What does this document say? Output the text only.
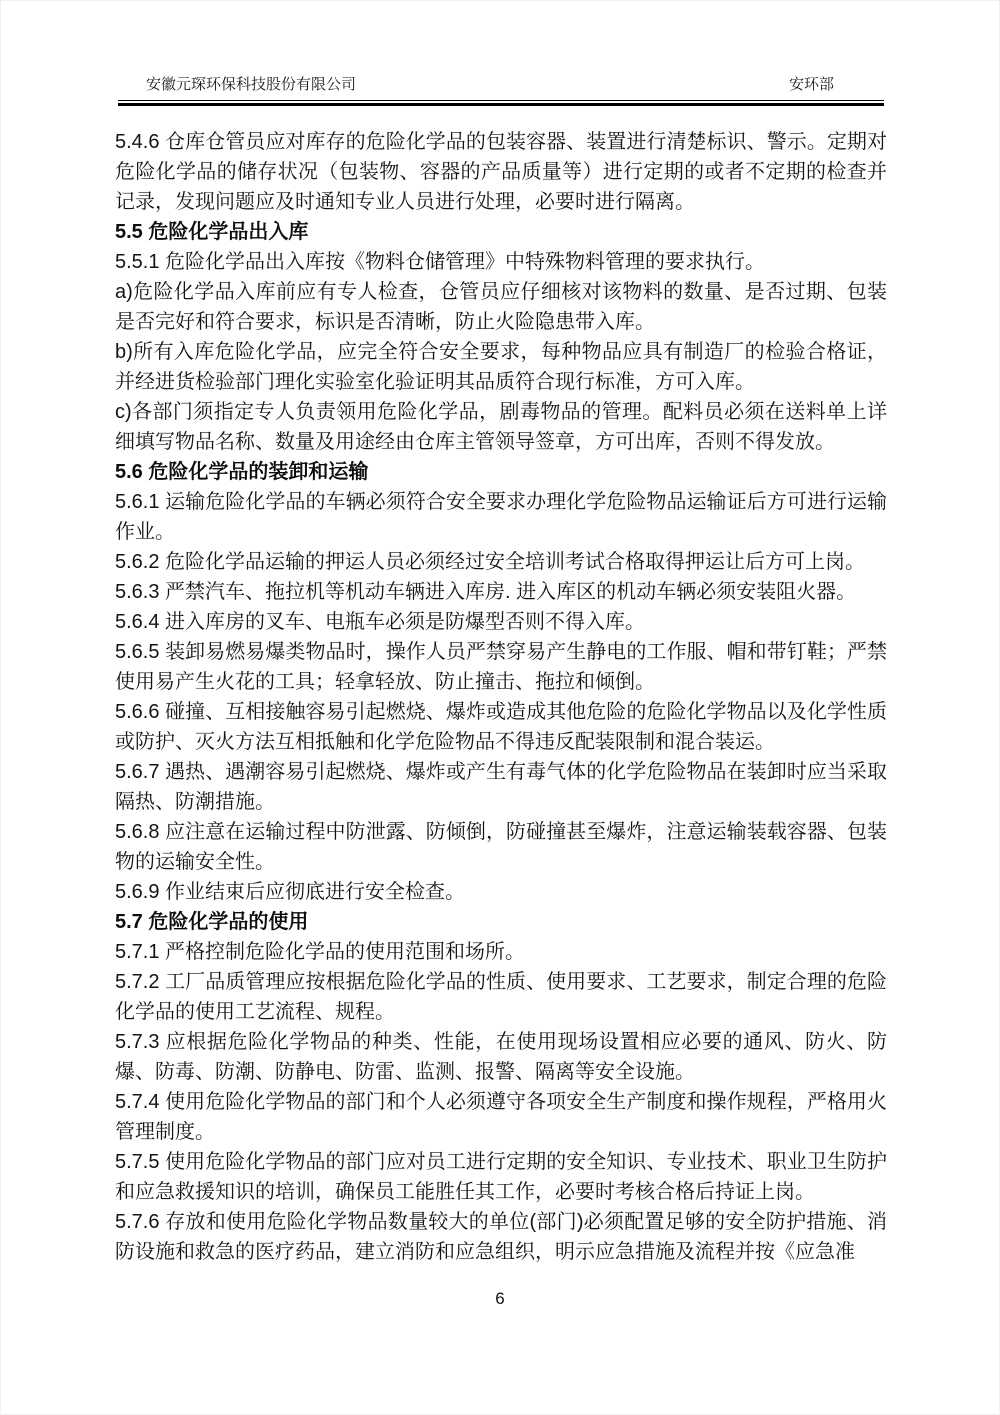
安徽元琛环保科技股份有限公司	安环部

5.4.6 仓库仓管员应对库存的危险化学品的包装容器、装置进行清楚标识、警示。定期对危险化学品的储存状况（包装物、容器的产品质量等）进行定期的或者不定期的检查并记录，发现问题应及时通知专业人员进行处理，必要时进行隔离。

5.5 危险化学品出入库

5.5.1 危险化学品出入库按《物料仓储管理》中特殊物料管理的要求执行。

a)危险化学品入库前应有专人检查，仓管员应仔细核对该物料的数量、是否过期、包装是否完好和符合要求，标识是否清晰，防止火险隐患带入库。

b)所有入库危险化学品，应完全符合安全要求，每种物品应具有制造厂的检验合格证，并经进货检验部门理化实验室化验证明其品质符合现行标准，方可入库。

c)各部门须指定专人负责领用危险化学品，剧毒物品的管理。配料员必须在送料单上详细填写物品名称、数量及用途经由仓库主管领导签章，方可出库，否则不得发放。

5.6 危险化学品的装卸和运输

5.6.1 运输危险化学品的车辆必须符合安全要求办理化学危险物品运输证后方可进行运输作业。

5.6.2 危险化学品运输的押运人员必须经过安全培训考试合格取得押运让后方可上岗。

5.6.3 严禁汽车、拖拉机等机动车辆进入库房. 进入库区的机动车辆必须安装阻火器。

5.6.4 进入库房的叉车、电瓶车必须是防爆型否则不得入库。

5.6.5 装卸易燃易爆类物品时，操作人员严禁穿易产生静电的工作服、帽和带钉鞋；严禁使用易产生火花的工具；轻拿轻放、防止撞击、拖拉和倾倒。

5.6.6 碰撞、互相接触容易引起燃烧、爆炸或造成其他危险的危险化学物品以及化学性质或防护、灭火方法互相抵触和化学危险物品不得违反配装限制和混合装运。

5.6.7 遇热、遇潮容易引起燃烧、爆炸或产生有毒气体的化学危险物品在装卸时应当采取隔热、防潮措施。

5.6.8 应注意在运输过程中防泄露、防倾倒，防碰撞甚至爆炸，注意运输装载容器、包装物的运输安全性。

5.6.9 作业结束后应彻底进行安全检查。

5.7 危险化学品的使用

5.7.1 严格控制危险化学品的使用范围和场所。

5.7.2 工厂品质管理应按根据危险化学品的性质、使用要求、工艺要求，制定合理的危险化学品的使用工艺流程、规程。

5.7.3 应根据危险化学物品的种类、性能，在使用现场设置相应必要的通风、防火、防爆、防毒、防潮、防静电、防雷、监测、报警、隔离等安全设施。

5.7.4 使用危险化学物品的部门和个人必须遵守各项安全生产制度和操作规程，严格用火管理制度。

5.7.5 使用危险化学物品的部门应对员工进行定期的安全知识、专业技术、职业卫生防护和应急救援知识的培训，确保员工能胜任其工作，必要时考核合格后持证上岗。

5.7.6 存放和使用危险化学物品数量较大的单位(部门)必须配置足够的安全防护措施、消防设施和救急的医疗药品，建立消防和应急组织，明示应急措施及流程并按《应急准

6
